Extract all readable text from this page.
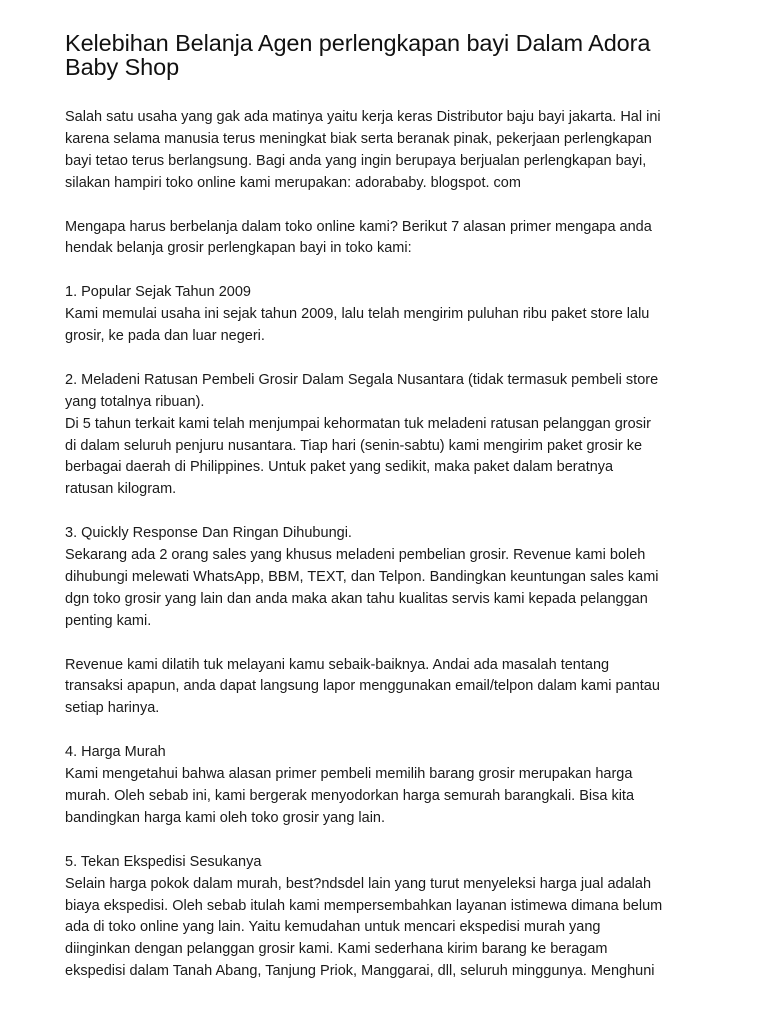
Kelebihan Belanja Agen perlengkapan bayi Dalam Adora
Baby Shop
Salah satu usaha yang gak ada matinya yaitu kerja keras Distributor baju bayi jakarta. Hal ini
karena selama manusia terus meningkat biak serta beranak pinak, pekerjaan perlengkapan
bayi tetao terus berlangsung. Bagi anda yang ingin berupaya berjualan perlengkapan bayi,
silakan hampiri toko online kami merupakan: adorababy. blogspot. com
Mengapa harus berbelanja dalam toko online kami? Berikut 7 alasan primer mengapa anda
hendak belanja grosir perlengkapan bayi in toko kami:
1. Popular Sejak Tahun 2009
Kami memulai usaha ini sejak tahun 2009, lalu telah mengirim puluhan ribu paket store lalu
grosir, ke pada dan luar negeri.
2. Meladeni Ratusan Pembeli Grosir Dalam Segala Nusantara (tidak termasuk pembeli store
yang totalnya ribuan).
Di 5 tahun terkait kami telah menjumpai kehormatan tuk meladeni ratusan pelanggan grosir
di dalam seluruh penjuru nusantara. Tiap hari (senin-sabtu) kami mengirim paket grosir ke
berbagai daerah di Philippines. Untuk paket yang sedikit, maka paket dalam beratnya
ratusan kilogram.
3. Quickly Response Dan Ringan Dihubungi.
Sekarang ada 2 orang sales yang khusus meladeni pembelian grosir. Revenue kami boleh
dihubungi melewati WhatsApp, BBM, TEXT, dan Telpon. Bandingkan keuntungan sales kami
dgn toko grosir yang lain dan anda maka akan tahu kualitas servis kami kepada pelanggan
penting kami.
Revenue kami dilatih tuk melayani kamu sebaik-baiknya. Andai ada masalah tentang
transaksi apapun, anda dapat langsung lapor menggunakan email/telpon dalam kami pantau
setiap harinya.
4. Harga Murah
Kami mengetahui bahwa alasan primer pembeli memilih barang grosir merupakan harga
murah. Oleh sebab ini, kami bergerak menyodorkan harga semurah barangkali. Bisa kita
bandingkan harga kami oleh toko grosir yang lain.
5. Tekan Ekspedisi Sesukanya
Selain harga pokok dalam murah, best?ndsdel lain yang turut menyeleksi harga jual adalah
biaya ekspedisi. Oleh sebab itulah kami mempersembahkan layanan istimewa dimana belum
ada di toko online yang lain. Yaitu kemudahan untuk mencari ekspedisi murah yang
diinginkan dengan pelanggan grosir kami. Kami sederhana kirim barang ke beragam
ekspedisi dalam Tanah Abang, Tanjung Priok, Manggarai, dll, seluruh minggunya. Menghuni
